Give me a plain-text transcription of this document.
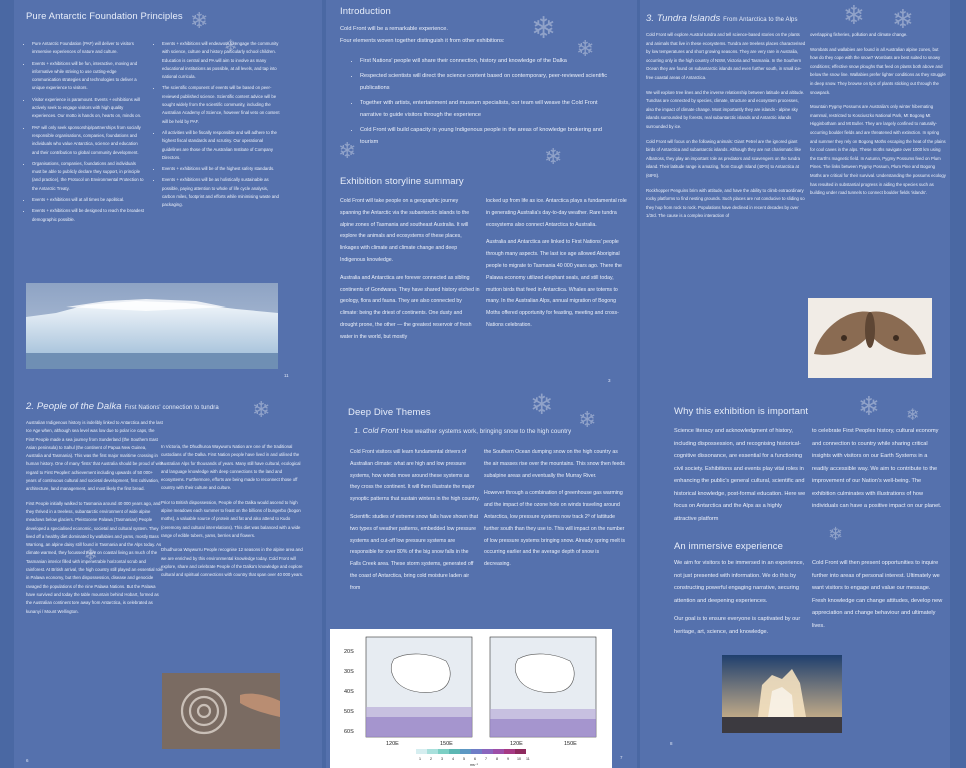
Pure Antarctic Foundation Principles ❄
❄
• Pure Antarctic Foundation (PAF) will deliver to visitors immersive experiences of nature and culture.
• Events + exhibitions will be fun, interactive, moving and informative while striving to use cutting-edge communication strategies and technologies to deliver a unique experience to visitors.
• Visitor experience is paramount. Events + exhibitions will actively seek to engage visitors with high quality experiences. Our motto is hands on, hearts on, minds on.
• PAF will only seek sponsorship/partnerships from socially responsible organisations, companies, foundations and individuals who value Antarctica, science and education and their contribution to global community development.
• Organisations, companies, foundations and individuals must be able to publicly declare they support, in principle (and practice), the Protocol on Environmental Protection to the Antarctic Treaty.
• Events + exhibitions will at all times be apolitical.
• Events + exhibitions will be designed to reach the broadest demographic possible.
• Events + exhibitions will endeavour to engage the community with science, culture and history particularly school children. Education is central and PA will aim to involve as many educational institutions as possible, at all levels, and tap into national curricula.
• The scientific component of events will be based on peer-reviewed published science. Scientific content advice will be sought widely from the scientific community, including the Australian Academy of Science, however final veto on content will be held by PAF.
• All activities will be fiscally responsible and will adhere to the highest fiscal standards and scrutiny. Our operational guidelines are those of the Australian Institute of Company Directors.
• Events + exhibitions will be of the highest safety standards.
• Events + exhibitions will be as holistically sustainable as possible, paying attention to whole of life cycle analysis, carbon miles, footprint and efforts while minimising waste and packaging.
11
Introduction
❄
❄
❄	❄
Cold Front will be a remarkable experience.
Four elements woven together distinguish it from other exhibitions:
• First Nations' people will share their connection, history and knowledge of the Dalka
• Respected scientists will direct the science content based on contemporary, peer-reviewed scientific publications
• Together with artists, entertainment and museum specialists, our team will weave the Cold Front narrative to guide visitors through the experience
• Cold Front will build capacity in young Indigenous people in the areas of knowledge brokering and tourism
Exhibition storyline summary

Cold Front will take people on a geographic journey spanning the Antarctic via the subantarctic islands to the alpine zones of Tasmania and southeast Australia. It will explore the animals and ecosystems of these places, linkages with climate and climate change and deep Indigenous knowledge.

Australia and Antarctica are forever connected as sibling continents of Gondwana. They have shared history etched in geology, flora and fauna. They are also connected by climate: being the driest of continents. One dusty and drought prone, the other — the greatest reservoir of fresh water in the world, but mostly

locked up from life as ice. Antarctica plays a fundamental role in generating Australia's day-to-day weather. Rare tundra ecosystems also connect Antarctica to Australia.

Australia and Antarctica are linked to First Nations' people through many aspects. The last ice age allowed Aboriginal people to migrate to Tasmania 40 000 years ago. There the Palawa economy utilized elephant seals, and still today, mutton birds that feed in Antarctica. Whales are totems to many. In the Australian Alps, annual migration of Bogong Moths offered opportunity for feasting, meeting and cross-Nations celebration.

3
3. Tundra Islands From Antarctica to the Alps ❄ ❄

Cold Front will explore Austral tundra and tell science-based stories on the plants and animals that live in these ecosystems. Tundra are treeless places characterised by low temperatures and short growing seasons. They are very rare in Australia, occurring only in the high country of NSW, Victoria and Tasmania. In the Southern Ocean they are found on subantarctic islands and even further south, in small ice-free coastal areas of Antarctica.

We will explore tree lines and the inverse relationship between latitude and altitude. Tundras are connected by species, climate, structure and ecosystem processes, also the impact of climate change. Most importantly they are islands - alpine sky islands surrounded by forests, real subantarctic islands and Antarctic islands surrounded by ice.

Cold Front will focus on the following animals: Giant Petrel are the ignored giant birds of Antarctica and subantarctic islands. Although they are not charismatic like Albatross, they play an important role as predators and scavengers on the tundra island. Their latitude range is amazing, from Gough Island (40ºS) to Antarctica at (68ºS).

Rockhopper Penguins brim with attitude, and have the ability to climb extraordinary rocky platforms to find nesting grounds. Such places are not conducive to sliding so they hop from rock to rock. Populations have declined in recent decades by over 1/3rd. The cause is a complex interaction of

overlapping fisheries, pollution and climate change.

Wombats and wallabies are found in all Australian alpine zones, but how do they cope with the snow? Wombats are best suited to snowy conditions; effective snow ploughs that feed on plants both above and below the snow line. Wallabies prefer lighter conditions as they struggle in deep snow. They browse on tips of plants sticking out through the snowpack.

Mountain Pygmy Possums are Australia's only winter hibernating mammal, restricted to Kosciuszko National Park, Mt Bogong Mt Higginbotham and Mt Buller. They are largely confined to naturally-occurring boulder fields and are threatened with extinction. In spring and summer they rely on Bogong Moths escaping the heat of the plains for cool caves in the alps. These moths navigate over 1000 km using the Earth's magnetic field. In Autumn, Pygmy Possums feed on Plum Pines. The links between Pygmy Possum, Plum Pine and Bogong Moths are critical for their survival. Understanding the possums ecology has resulted in substantial progress in aiding the species such as building under road tunnels to connect boulder fields 'islands'.

2. People of the Dalka First Nations' connection to tundra ❄
❄

Australian Indigenous history is indelibly linked to Antarctica and the last Ice Age when, although sea level was low due to polar ice caps, the First People made a sea journey from Sunderland (the Southern East Asian peninsula) to Sahul (the continent of Papua New Guinea, Australia and Tasmania). This was the first major maritime crossing in human history. One of many 'firsts' that Australia should be proud of with regard to First Peoples' achievement including upwards of 50 000+ years of continuous cultural and societal development, first cultivation, architecture, land management, and most likely the first bread.

First People initially walked to Tasmania around 40 000 years ago, and they thrived in a treeless, subantarctic environment of wide alpine meadows below glaciers. Pleistocene Palawa (Tasmanian) People developed a specialised economic, societal and cultural system. They lived off a healthy diet dominated by wallabies and yams, mostly Bass Warriong, an alpine daisy still found in Tasmania and the Alps today. As climate warmed, they focussed more on coastal living as much of the Tasmanian interior filled with impenetrable horizontal scrub and rainforest. At British arrival, the high country still played an essential role in Palawa economy, but then dispossession, disease and genocide ravaged the populations of the nine Palawa Nations. But the Palawa have survived and today the table mountain behind Hobart, formed as the Australian continent tore away from Antarctica, is celebrated as kunanyi / Mount Wellington.

In Victoria, the Dhudhuroa Waywurru Nation are one of the traditional custodians of the Dalka. First Nation people have lived in and utilised the Australian Alps for thousands of years. Many still have cultural, ecological and language knowledge with deep connections to the land and ecosystems. Furthermore, efforts are being made to reconnect those off country with their culture and culture.

Prior to British dispossession, People of the Dalka would ascend to high alpine meadows each summer to feast on the billions of bungerbo (bogon moths), a valuable source of protein and fat and also attend to Kudo (ceremony and cultural interrelations). This diet was balanced with a wide range of edible tubers, yams, berries and flowers.

Dhudhuroa Waywurru People recognise 12 seasons in the alpine area and we are enriched by this environmental knowledge today. Cold Front will explore, share and celebrate People of the Dalka's knowledge and explore cultural and spiritual connections with country that span over 40 000 years.

6
Deep Dive Themes	❄ ❄
1. Cold Front How weather systems work, bringing snow to the high country

Cold Front visitors will learn fundamental drivers of Australian climate: what are high and low pressure systems, how winds move around these systems as they cross the continent. It will then illustrate the major synoptic patterns that sustain winters in the high country.

Scientific studies of extreme snow falls have shown that two types of weather patterns, embedded low pressure systems and cut-off low pressure systems are responsible for over 80% of the big snow falls in the Falls Creek area. These storm systems, generated off the coast of Antarctica, bring cold moisture laden air from

the Southern Ocean dumping snow on the high country as the air masses rise over the mountains. This snow then feeds subalpine areas and eventually the Murray River.

However through a combination of greenhouse gas warming and the impact of the ozone hole on winds traveling around Antarctica, low pressure systems now track 2º of lattitude further south than they use to. This will impact on the number of low pressure systems bringing snow. Already spring melt is occurring earlier and the average depth of snow is decreasing.

20S
30S
40S
50S
60S
120E	150E	120E	150E
1	2	3	4	5	6	7	8	9 10 11
ms⁻¹
7
Why this exhibition is important ❄ ❄
❄
Science literacy and acknowledgment of history, including dispossession, and recognising historical-cognitive dissonance, are essential for a functioning civil society. Exhibitions and events play vital roles in enhancing the public's general cultural, scientific and historical knowledge, post-formal education. Here we focus on Antarctica and the Alps as a highly attractive platform
to celebrate First Peoples history, cultural economy and connection to country while sharing critical insights with visitors on our Earth Systems in a readily accessible way. We aim to contribute to the improvement of our Nation's well-being. The exhibition culminates with illustrations of how individuals can have a positive impact on our planet.
An immersive experience

We aim for visitors to be immersed in an experience, not just presented with information. We do this by constructing powerful engaging narrative, securing attention and deepening experiences.

Our goal is to ensure everyone is captivated by our heritage, art, science, and knowledge.

Cold Front will then present opportunities to inquire further into areas of personal interest. Ultimately we want visitors to engage and value our message. Fresh knowledge can change attitudes, develop new appreciation and change behaviour and ultimately lives.
8
